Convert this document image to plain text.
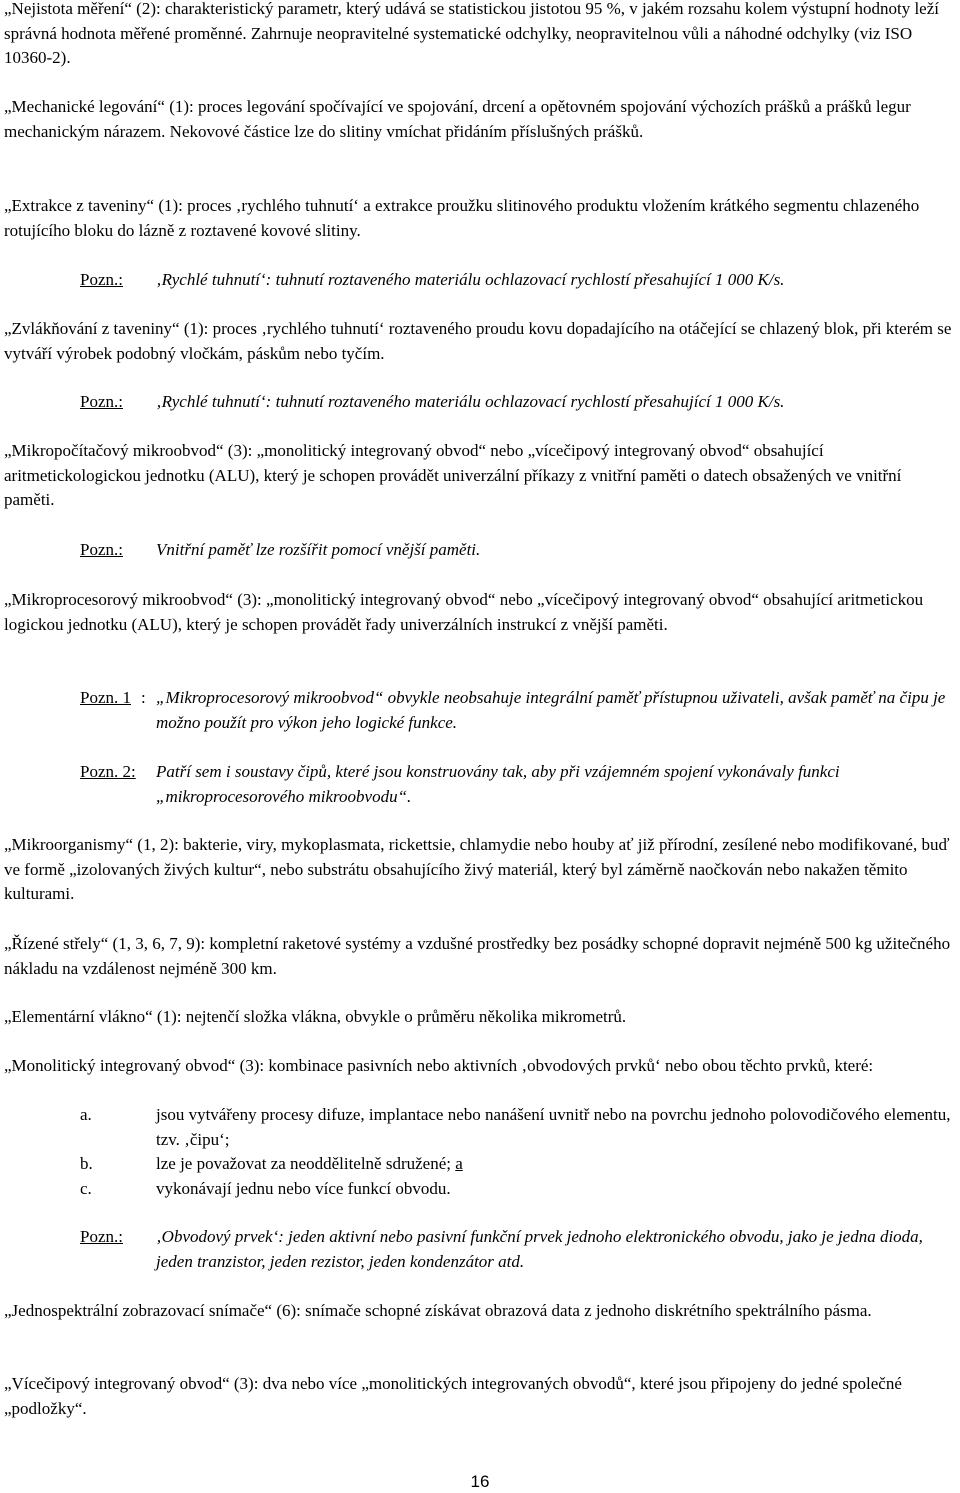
„Nejistota měření“ (2): charakteristický parametr, který udává se statistickou jistotou 95 %, v jakém rozsahu kolem výstupní hodnoty leží správná hodnota měřené proměnné. Zahrnuje neopravitelné systematické odchylky, neopravitelnou vůli a náhodné odchylky (viz ISO 10360-2).

„Mechanické legování“ (1): proces legování spočívající ve spojování, drcení a opětovném spojování výchozích prášků a prášků legur mechanickým nárazem. Nekovové částice lze do slitiny vmíchat přidáním příslušných prášků.

„Extrakce z taveniny“ (1): proces ‚rychlého tuhnutí‘ a extrakce proužku slitinového produktu vložením krátkého segmentu chlazeného rotujícího bloku do lázně z roztavené kovové slitiny.

Pozn.: ‚Rychlé tuhnutí‘: tuhnutí roztaveného materiálu ochlazovací rychlostí přesahující 1 000 K/s.

„Zvlákňování z taveniny“ (1): proces ‚rychlého tuhnutí‘ roztaveného proudu kovu dopadajícího na otáčející se chlazený blok, při kterém se vytváří výrobek podobný vločkám, páskům nebo tyčím.

Pozn.: ‚Rychlé tuhnutí‘: tuhnutí roztaveného materiálu ochlazovací rychlostí přesahující 1 000 K/s.

„Mikropočítačový mikroobvod“ (3): „monolitický integrovaný obvod“ nebo „vícečipový integrovaný obvod“ obsahující aritmetickologickou jednotku (ALU), který je schopen provádět univerzální příkazy z vnitřní paměti o datech obsažených ve vnitřní paměti.

Pozn.: Vnitřní paměť lze rozšířit pomocí vnější paměti.

„Mikroprocesorový mikroobvod“ (3): „monolitický integrovaný obvod“ nebo „vícečipový integrovaný obvod“ obsahující aritmetickou logickou jednotku (ALU), který je schopen provádět řady univerzálních instrukcí z vnější paměti.

Pozn. 1 : „Mikroprocesorový mikroobvod“ obvykle neobsahuje integrální paměť přístupnou uživateli, avšak paměť na čipu je možno použít pro výkon jeho logické funkce.
Pozn. 2: Patří sem i soustavy čipů, které jsou konstruovány tak, aby při vzájemném spojení vykonávaly funkci „mikroprocesorového mikroobvodu“.

„Mikroorganismy“ (1, 2): bakterie, viry, mykoplasmata, rickettsie, chlamydie nebo houby ať již přírodní, zesílené nebo modifikované, buď ve formě „izolovaných živých kultur“, nebo substrátu obsahujícího živý materiál, který byl záměrně naočkován nebo nakažen těmito kulturami.

„Řízené střely“ (1, 3, 6, 7, 9): kompletní raketové systémy a vzdušné prostředky bez posádky schopné dopravit nejméně 500 kg užitečného nákladu na vzdálenost nejméně 300 km.

„Elementární vlákno“ (1): nejtenčí složka vlákna, obvykle o průměru několika mikrometrů.

„Monolitický integrovaný obvod“ (3): kombinace pasivních nebo aktivních ‚obvodových prvků‘ nebo obou těchto prvků, které:

a.	jsou vytvářeny procesy difuze, implantace nebo nanášení uvnitř nebo na povrchu jednoho polovodičového elementu, tzv. ‚čipu‘;
b.	lze je považovat za neoddělitelně sdružené; a
c.	vykonávají jednu nebo více funkcí obvodu.
Pozn.: ‚Obvodový prvek‘: jeden aktivní nebo pasivní funkční prvek jednoho elektronického obvodu, jako je jedna dioda, jeden tranzistor, jeden rezistor, jeden kondenzátor atd.

„Jednospektrální zobrazovací snímače“ (6): snímače schopné získávat obrazová data z jednoho diskrétního spektrálního pásma.

„Vícečipový integrovaný obvod“ (3): dva nebo více „monolitických integrovaných obvodů“, které jsou připojeny do jedné společné „podložky“.

16
